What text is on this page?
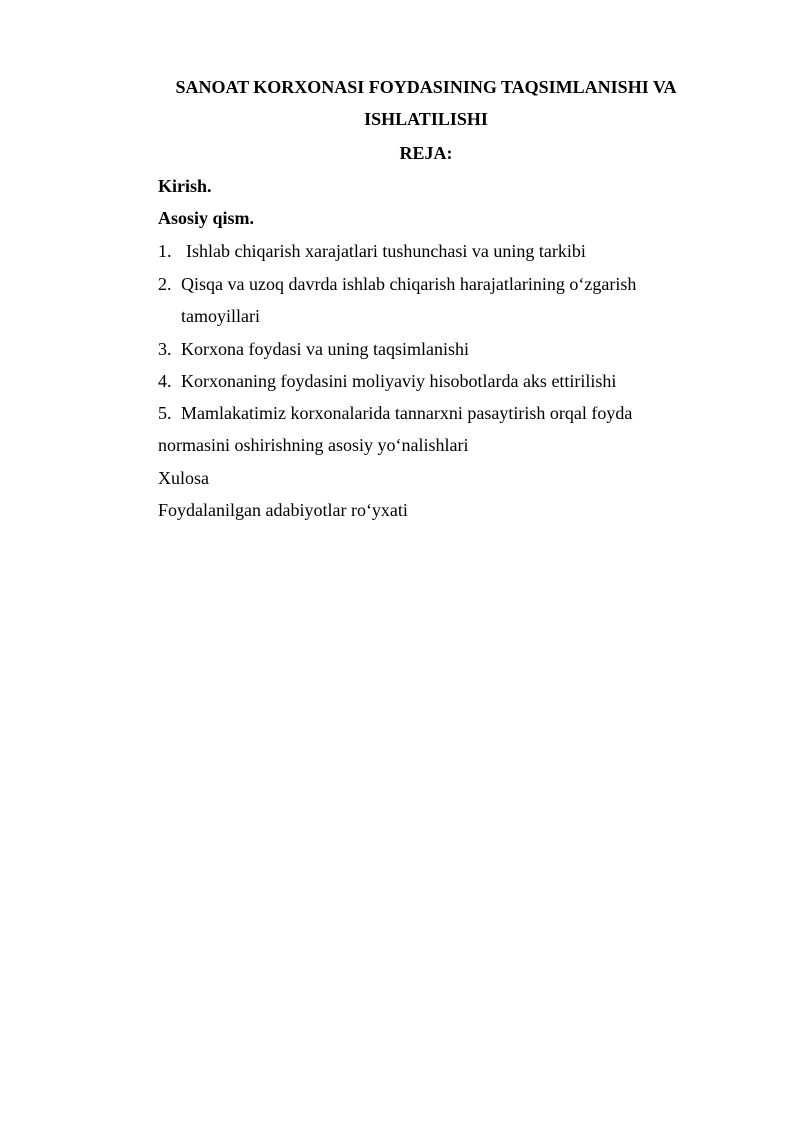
SANOAT KORXONASI FOYDASINING TAQSIMLANISHI VA
ISHLATILISHI
REJA:
Kirish.
Asosiy qism.
1. Ishlab chiqarish xarajatlari tushunchasi va uning tarkibi
2. Qisqa va uzoq davrda ishlab chiqarish harajatlarining o‘zgarish
tamoyillari
3. Korxona foydasi va uning taqsimlanishi
4. Korxonaning foydasini moliyaviy hisobotlarda aks ettirilishi
5. Mamlakatimiz korxonalarida tannarxni pasaytirish orqal foyda
normasini oshirishning asosiy yo‘nalishlari
Xulosa
Foydalanilgan adabiyotlar ro‘yxati
